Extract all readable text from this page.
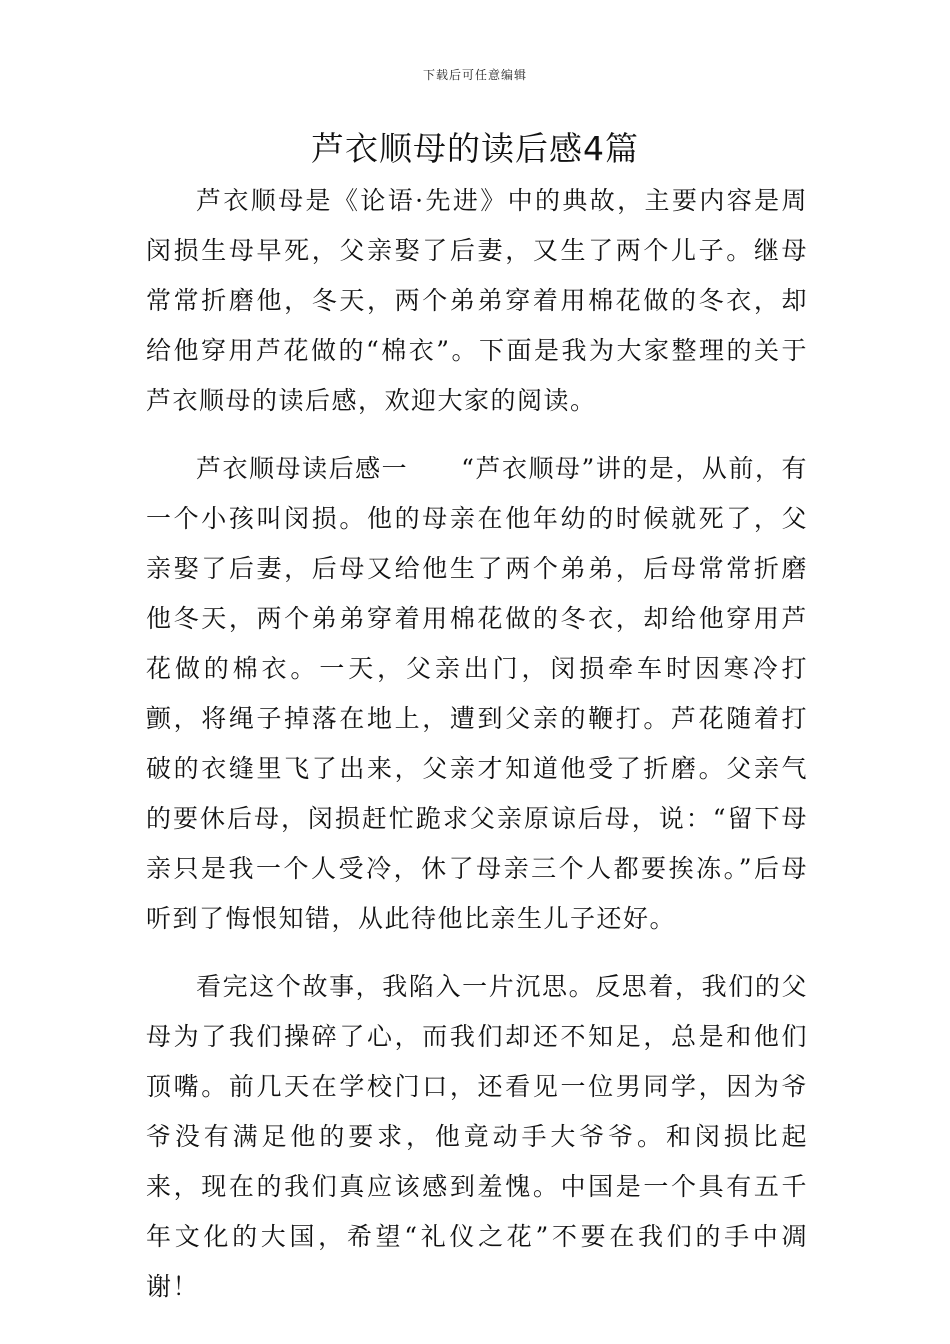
下载后可任意编辑
芦衣顺母的读后感4篇

芦衣顺母是《论语·先进》中的典故，主要内容是周闵损生母早死，父亲娶了后妻，又生了两个儿子。继母常常折磨他，冬天，两个弟弟穿着用棉花做的冬衣，却给他穿用芦花做的“棉衣”。下面是我为大家整理的关于芦衣顺母的读后感，欢迎大家的阅读。

芦衣顺母读后感一　　“芦衣顺母”讲的是，从前，有一个小孩叫闵损。他的母亲在他年幼的时候就死了，父亲娶了后妻，后母又给他生了两个弟弟，后母常常折磨他冬天，两个弟弟穿着用棉花做的冬衣，却给他穿用芦花做的棉衣。一天，父亲出门，闵损牵车时因寒冷打颤，将绳子掉落在地上，遭到父亲的鞭打。芦花随着打破的衣缝里飞了出来，父亲才知道他受了折磨。父亲气的要休后母，闵损赶忙跪求父亲原谅后母，说：“留下母亲只是我一个人受冷，休了母亲三个人都要挨冻。”后母听到了悔恨知错，从此待他比亲生儿子还好。

看完这个故事，我陷入一片沉思。反思着，我们的父母为了我们操碎了心，而我们却还不知足，总是和他们顶嘴。前几天在学校门口，还看见一位男同学，因为爷爷没有满足他的要求，他竟动手大爷爷。和闵损比起来，现在的我们真应该感到羞愧。中国是一个具有五千年文化的大国，希望“礼仪之花”不要在我们的手中凋谢！
